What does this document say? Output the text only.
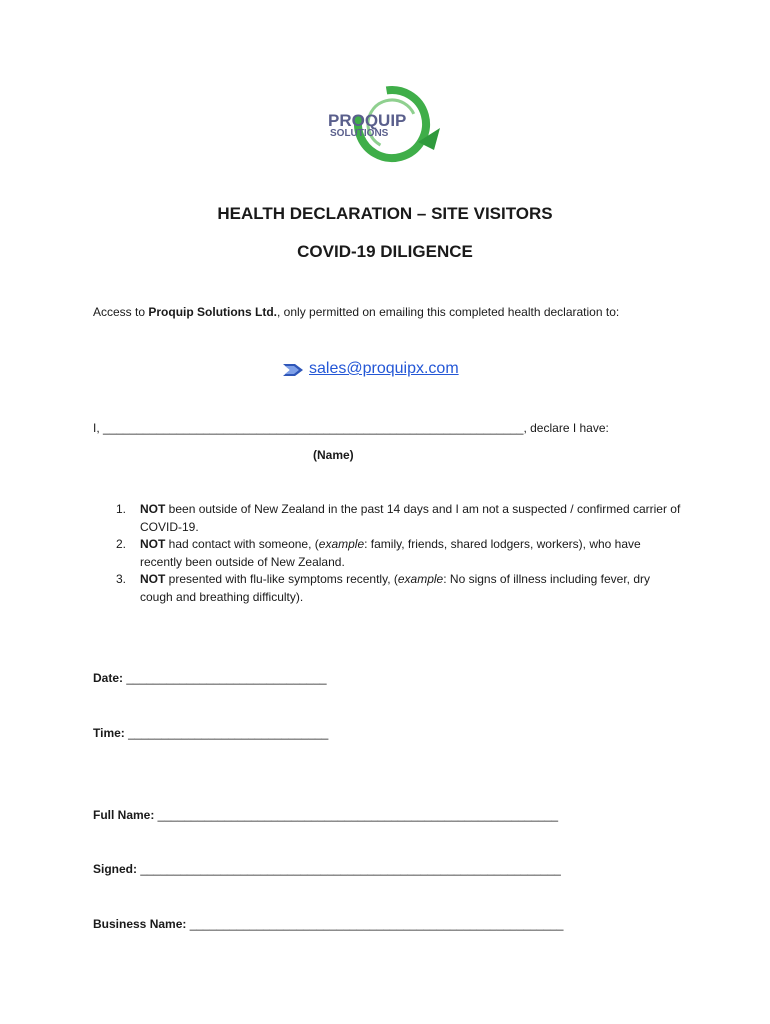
PROQUIP
SOLUTIONS
HEALTH DECLARATION – SITE VISITORS
COVID-19 DILIGENCE
Access to Proquip Solutions Ltd., only permitted on emailing this completed health declaration to:
sales@proquipx.com
I, _______________________________________________________________, declare I have:
(Name)
1. NOT been outside of New Zealand in the past 14 days and I am not a suspected / confirmed carrier of COVID-19.
2. NOT had contact with someone, (example: family, friends, shared lodgers, workers), who have recently been outside of New Zealand.
3. NOT presented with flu-like symptoms recently, (example: No signs of illness including fever, dry cough and breathing difficulty).
Date: ______________________________
Time: ______________________________
Full Name: ____________________________________________________________
Signed: _______________________________________________________________
Business Name: ________________________________________________________
